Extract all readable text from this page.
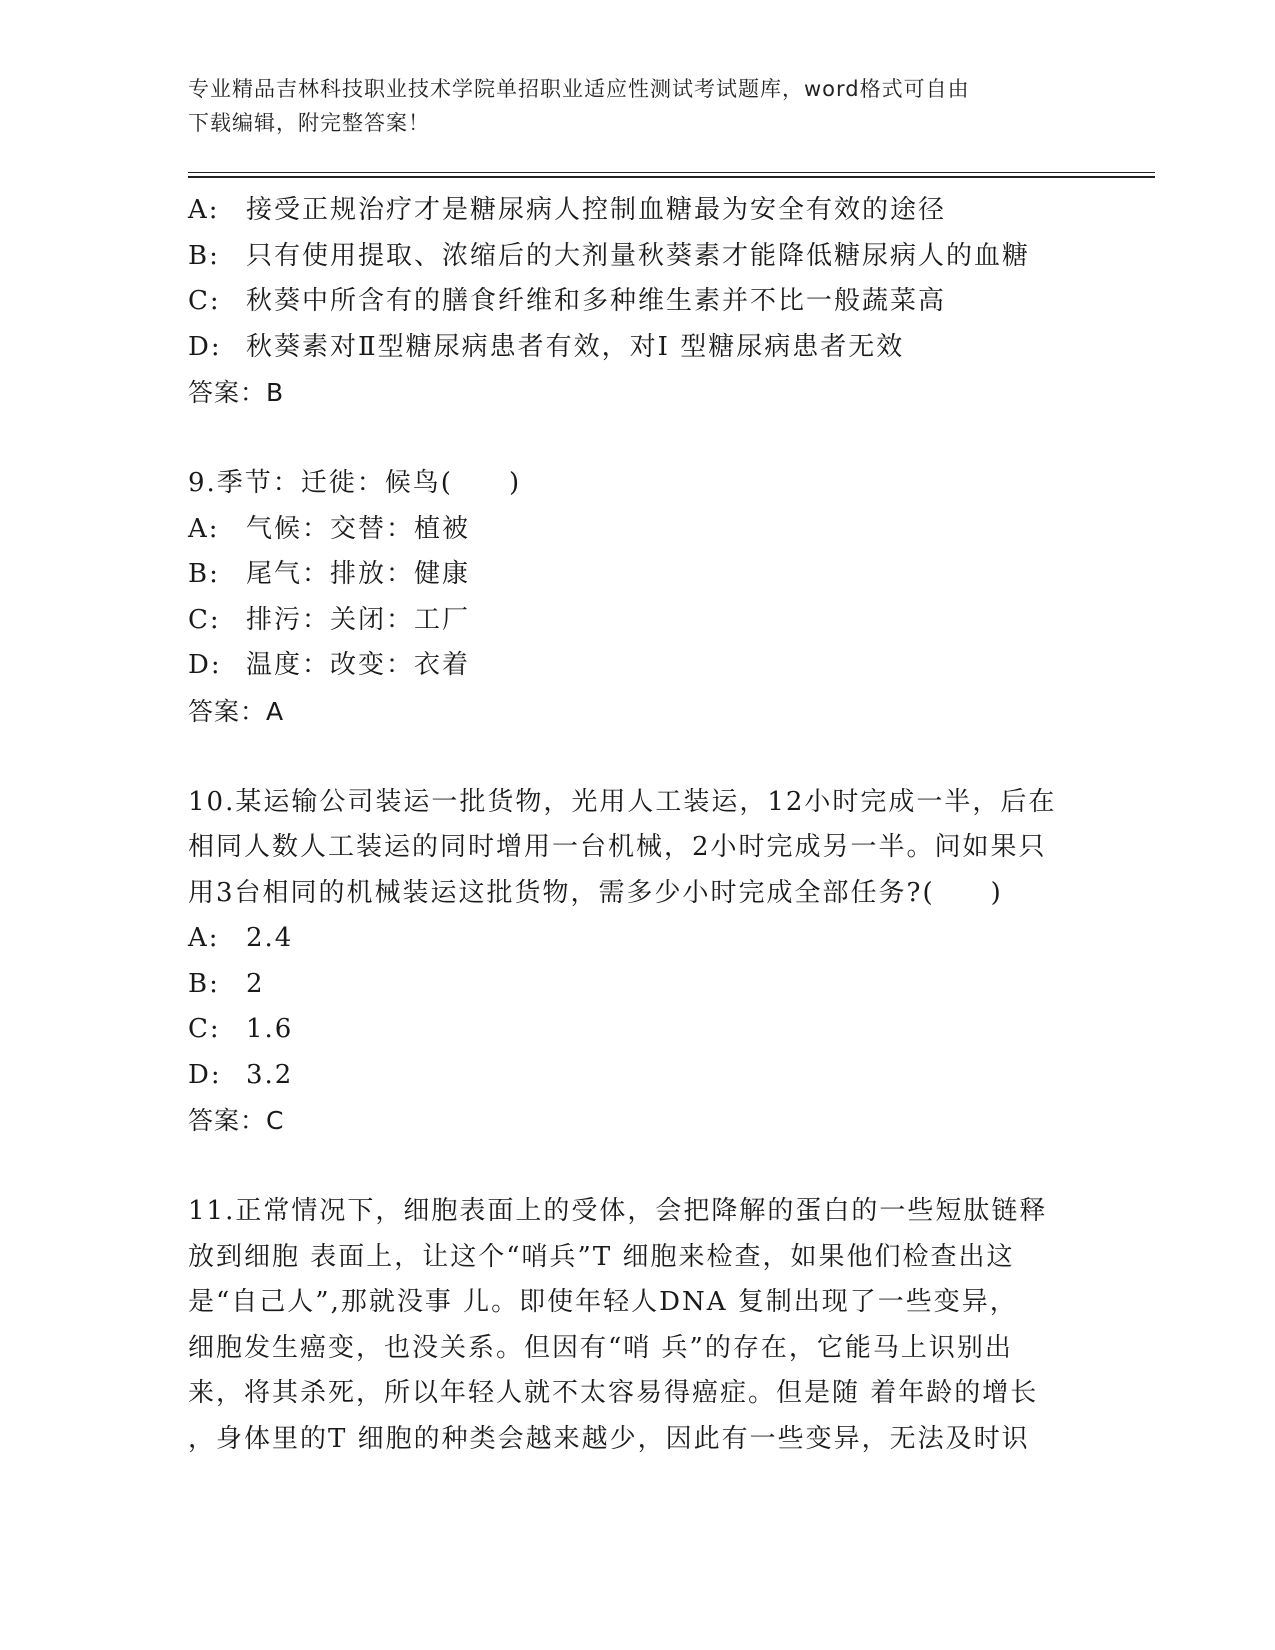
专业精品吉林科技职业技术学院单招职业适应性测试考试题库，word格式可自由
下载编辑，附完整答案！
A:	接受正规治疗才是糖尿病人控制血糖最为安全有效的途径
B:	只有使用提取、浓缩后的大剂量秋葵素才能降低糖尿病人的血糖
C: 秋葵中所含有的膳食纤维和多种维生素并不比一般蔬菜高
D: 秋葵素对Ⅱ型糖尿病患者有效，对Ⅰ 型糖尿病患者无效
答案：B
9.季节：迁徙：候鸟(　　)
A:	气候：交替：植被
B:	尾气：排放：健康
C: 排污：关闭：工厂
D: 温度：改变：衣着
答案：A
10.某运输公司装运一批货物，光用人工装运，12小时完成一半，后在
相同人数人工装运的同时增用一台机械，2小时完成另一半。问如果只
用3台相同的机械装运这批货物，需多少小时完成全部任务?(　　)
A:	2.4
B:	2
C: 1.6
D: 3.2
答案：C
11.正常情况下，细胞表面上的受体，会把降解的蛋白的一些短肽链释
放到细胞 表面上，让这个“哨兵”T 细胞来检查，如果他们检查出这
是“自己人”,那就没事 儿。即使年轻人DNA 复制出现了一些变异，
细胞发生癌变，也没关系。但因有“哨 兵”的存在，它能马上识别出
来，将其杀死，所以年轻人就不太容易得癌症。但是随 着年龄的增长
，身体里的T 细胞的种类会越来越少，因此有一些变异，无法及时识
